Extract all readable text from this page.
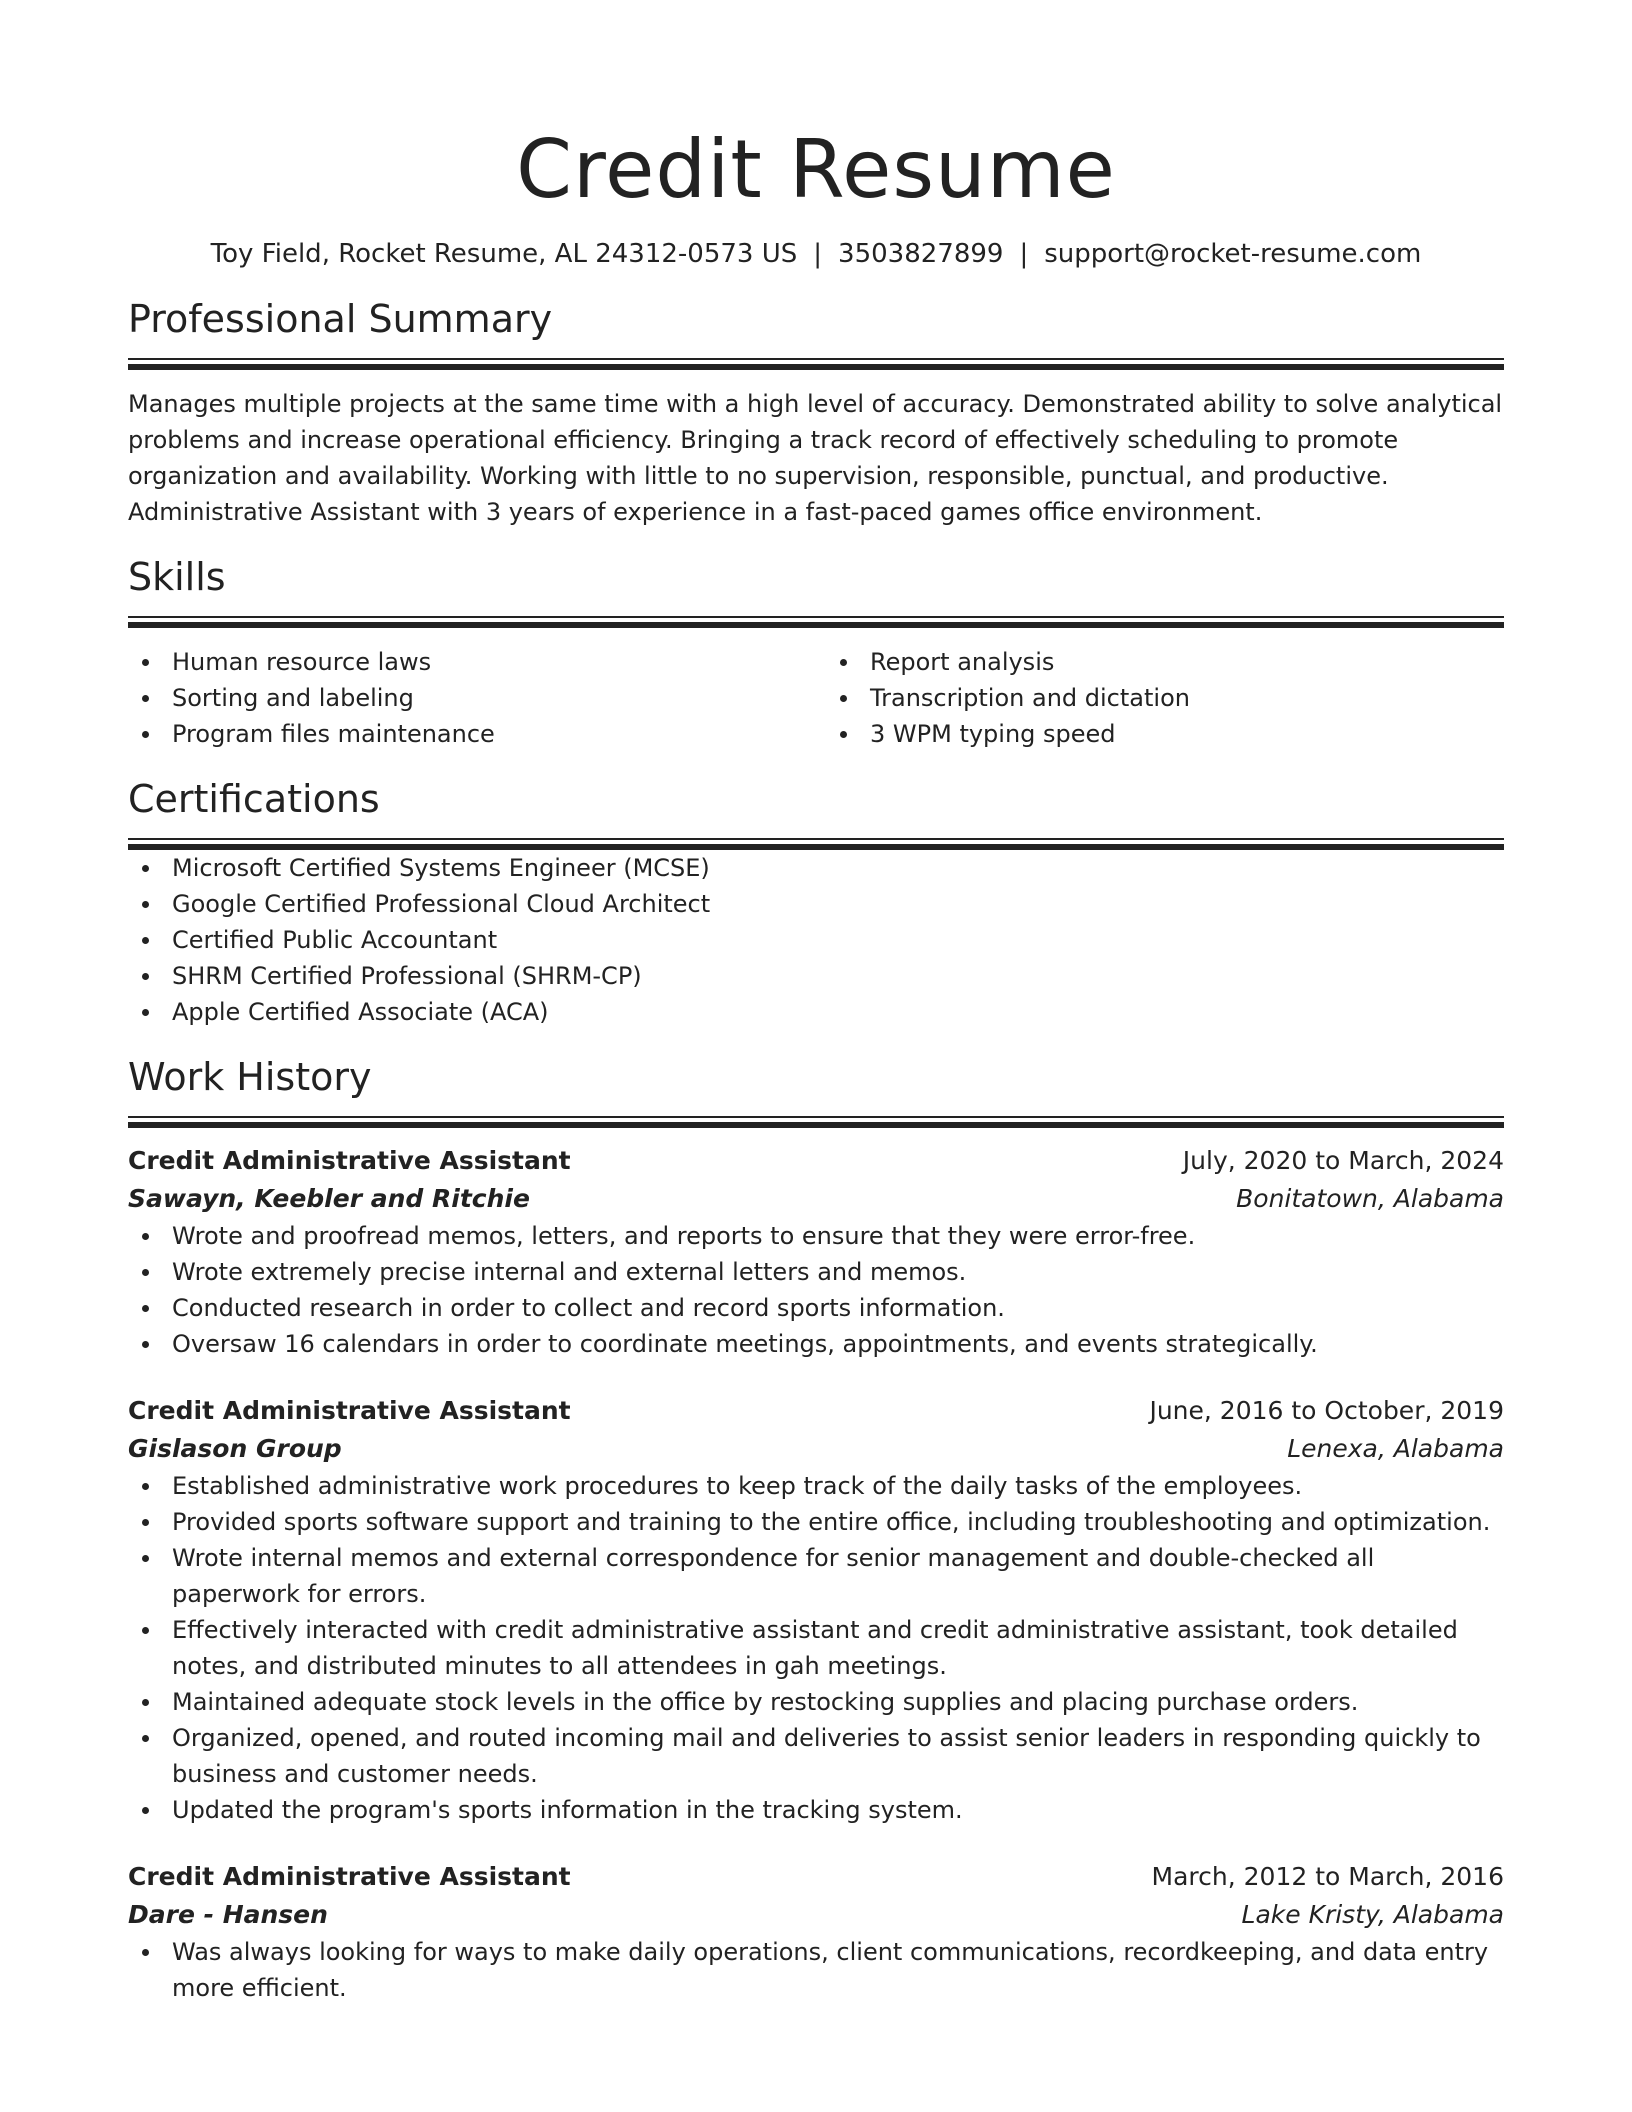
Credit Resume
Toy Field, Rocket Resume, AL 24312-0573 US | 3503827899 | support@rocket-resume.com
Professional Summary

Manages multiple projects at the same time with a high level of accuracy. Demonstrated ability to solve analytical problems and increase operational efficiency. Bringing a track record of effectively scheduling to promote organization and availability. Working with little to no supervision, responsible, punctual, and productive. Administrative Assistant with 3 years of experience in a fast-paced games office environment.

Skills
Human resource laws
Sorting and labeling
Program files maintenance
Report analysis
Transcription and dictation
3 WPM typing speed
Certifications
Microsoft Certified Systems Engineer (MCSE)
Google Certified Professional Cloud Architect
Certified Public Accountant
SHRM Certified Professional (SHRM-CP)
Apple Certified Associate (ACA)
Work History
Credit Administrative Assistant	July, 2020 to March, 2024
Sawayn, Keebler and Ritchie	Bonitatown, Alabama
Wrote and proofread memos, letters, and reports to ensure that they were error-free.
Wrote extremely precise internal and external letters and memos.
Conducted research in order to collect and record sports information.
Oversaw 16 calendars in order to coordinate meetings, appointments, and events strategically.
Credit Administrative Assistant	June, 2016 to October, 2019
Gislason Group	Lenexa, Alabama
Established administrative work procedures to keep track of the daily tasks of the employees.
Provided sports software support and training to the entire office, including troubleshooting and optimization.
Wrote internal memos and external correspondence for senior management and double-checked all paperwork for errors.
Effectively interacted with credit administrative assistant and credit administrative assistant, took detailed notes, and distributed minutes to all attendees in gah meetings.
Maintained adequate stock levels in the office by restocking supplies and placing purchase orders.
Organized, opened, and routed incoming mail and deliveries to assist senior leaders in responding quickly to business and customer needs.
Updated the program's sports information in the tracking system.
Credit Administrative Assistant	March, 2012 to March, 2016
Dare - Hansen	Lake Kristy, Alabama
Was always looking for ways to make daily operations, client communications, recordkeeping, and data entry more efficient.
